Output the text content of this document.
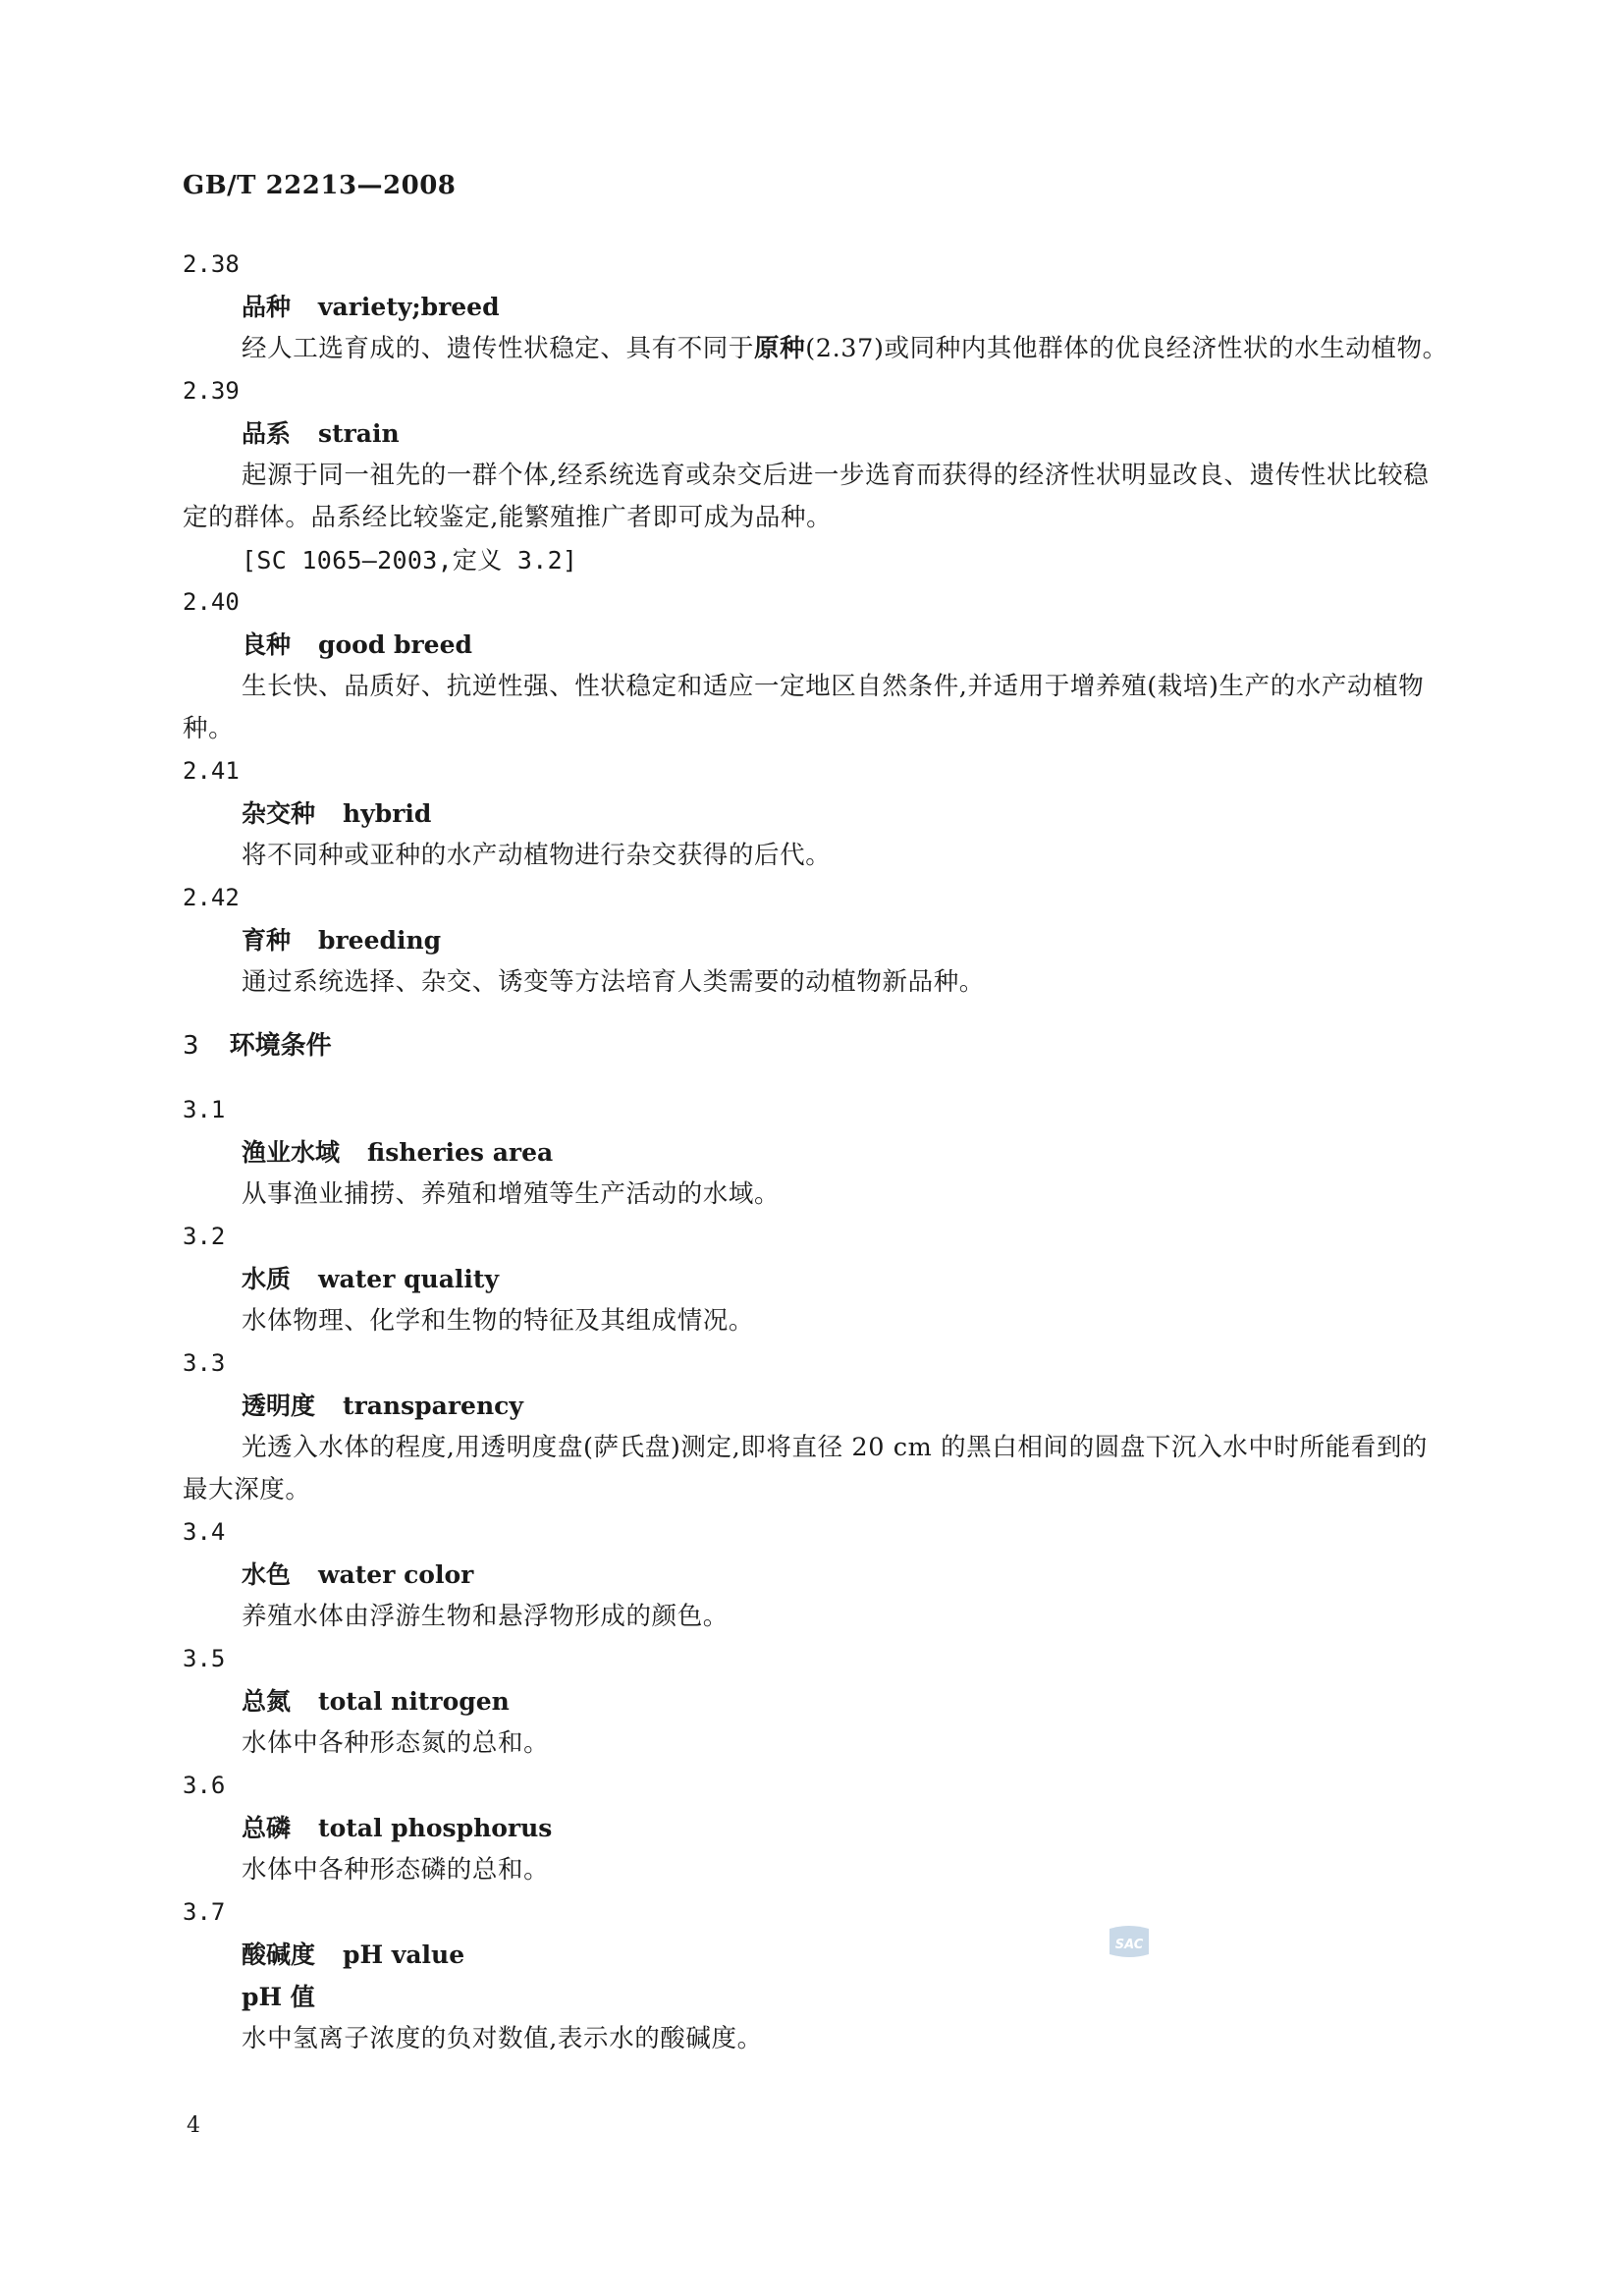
GB/T 22213—2008
2.38
品种 variety;breed
经人工选育成的、遗传性状稳定、具有不同于原种(2.37)或同种内其他群体的优良经济性状的水生动植物。
2.39
品系 strain
起源于同一祖先的一群个体,经系统选育或杂交后进一步选育而获得的经济性状明显改良、遗传性状比较稳定的群体。品系经比较鉴定,能繁殖推广者即可成为品种。
[SC 1065—2003,定义 3.2]
2.40
良种 good breed
生长快、品质好、抗逆性强、性状稳定和适应一定地区自然条件,并适用于增养殖(栽培)生产的水产动植物种。
2.41
杂交种 hybrid
将不同种或亚种的水产动植物进行杂交获得的后代。
2.42
育种 breeding
通过系统选择、杂交、诱变等方法培育人类需要的动植物新品种。
3 环境条件
3.1
渔业水域 fisheries area
从事渔业捕捞、养殖和增殖等生产活动的水域。
3.2
水质 water quality
水体物理、化学和生物的特征及其组成情况。
3.3
透明度 transparency
光透入水体的程度,用透明度盘(萨氏盘)测定,即将直径 20 cm 的黑白相间的圆盘下沉入水中时所能看到的最大深度。
3.4
水色 water color
养殖水体由浮游生物和悬浮物形成的颜色。
3.5
总氮 total nitrogen
水体中各种形态氮的总和。
3.6
总磷 total phosphorus
水体中各种形态磷的总和。
3.7
酸碱度 pH value
pH 值
水中氢离子浓度的负对数值,表示水的酸碱度。
SAC
4
